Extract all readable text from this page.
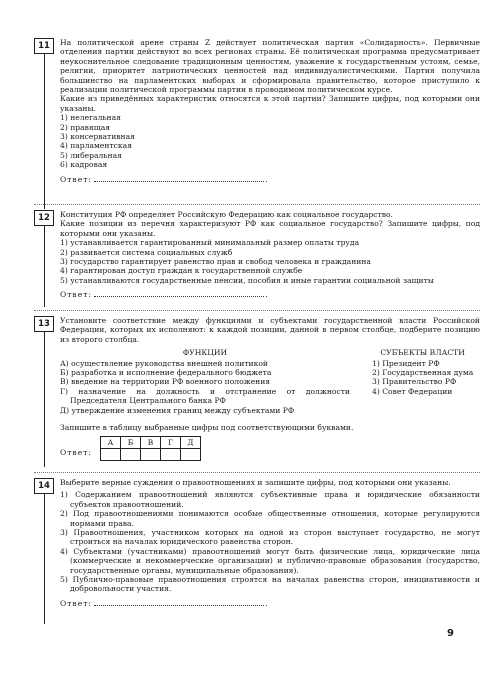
11	На политической арене страны Z действует политическая партия «Солидарность». Первичные отделения партии действуют во всех регионах страны. Её политическая программа предусматривает неукоснительное следование традиционным ценностям, уважение к государственным устоям, семье, религии, приоритет патриотических ценностей над индивидуалистическими. Партия получила большинство на парламентских выборах и сформировала правительство, которое приступило к реализации политической программы партии в проводимом политическом курсе.

Какие из приведённых характеристик относятся к этой партии? Запишите цифры, под которыми они указаны.

1) нелегальная
2) правящая
3) консервативная
4) парламентская
5) либеральная
6) кадровая
Ответ:	.
12	Конституция РФ определяет Российскую Федерацию как социальное государство.

Какие позиции из перечня характеризуют РФ как социальное государство? Запишите цифры, под которыми они указаны.

1) устанавливается гарантированный минимальный размер оплаты труда
2) развивается система социальных служб
3) государство гарантирует равенство прав и свобод человека и гражданина
4) гарантирован доступ граждан к государственной службе
5) устанавливаются государственные пенсии, пособия и иные гарантии социальной защиты
Ответ:	.
13	Установите соответствие между функциями и субъектами государственной власти Российской Федерации, которых их исполняют: к каждой позиции, данной в первом столбце, подберите позицию из второго столбца.

ФУНКЦИИ
А) осуществление руководства внешней политикой
Б) разработка и исполнение федерального бюджета
В) введение на территории РФ военного положения
Г) назначение на должность и отстранение от должности Председателя Центрального банка РФ
Д) утверждение изменения границ между субъектами РФ
СУБЪЕКТЫ ВЛАСТИ
1) Президент РФ
2) Государственная дума
3) Правительство РФ
4) Совет Федерации

Запишите в таблицу выбранные цифры под соответствующими буквами.

Ответ:
А	Б	В	Г	Д

14	Выберите верные суждения о правоотношениях и запишите цифры, под которыми они указаны.

1) Содержанием правоотношений являются субъективные права и юридические обязанности субъектов правоотношений.
2) Под правоотношениями понимаются особые общественные отношения, которые регулируются нормами права.
3) Правоотношения, участником которых на одной из сторон выступает государство, не могут строиться на началах юридического равенства сторон.
4) Субъектами (участниками) правоотношений могут быть физические лица, юридические лица (коммерческие и некоммерческие организации) и публично-правовые образования (государство, государственные органы, муниципальные образования).
5) Публично-правовые правоотношения строятся на началах равенства сторон, инициативности и добровольности участия.
Ответ:	.
9
